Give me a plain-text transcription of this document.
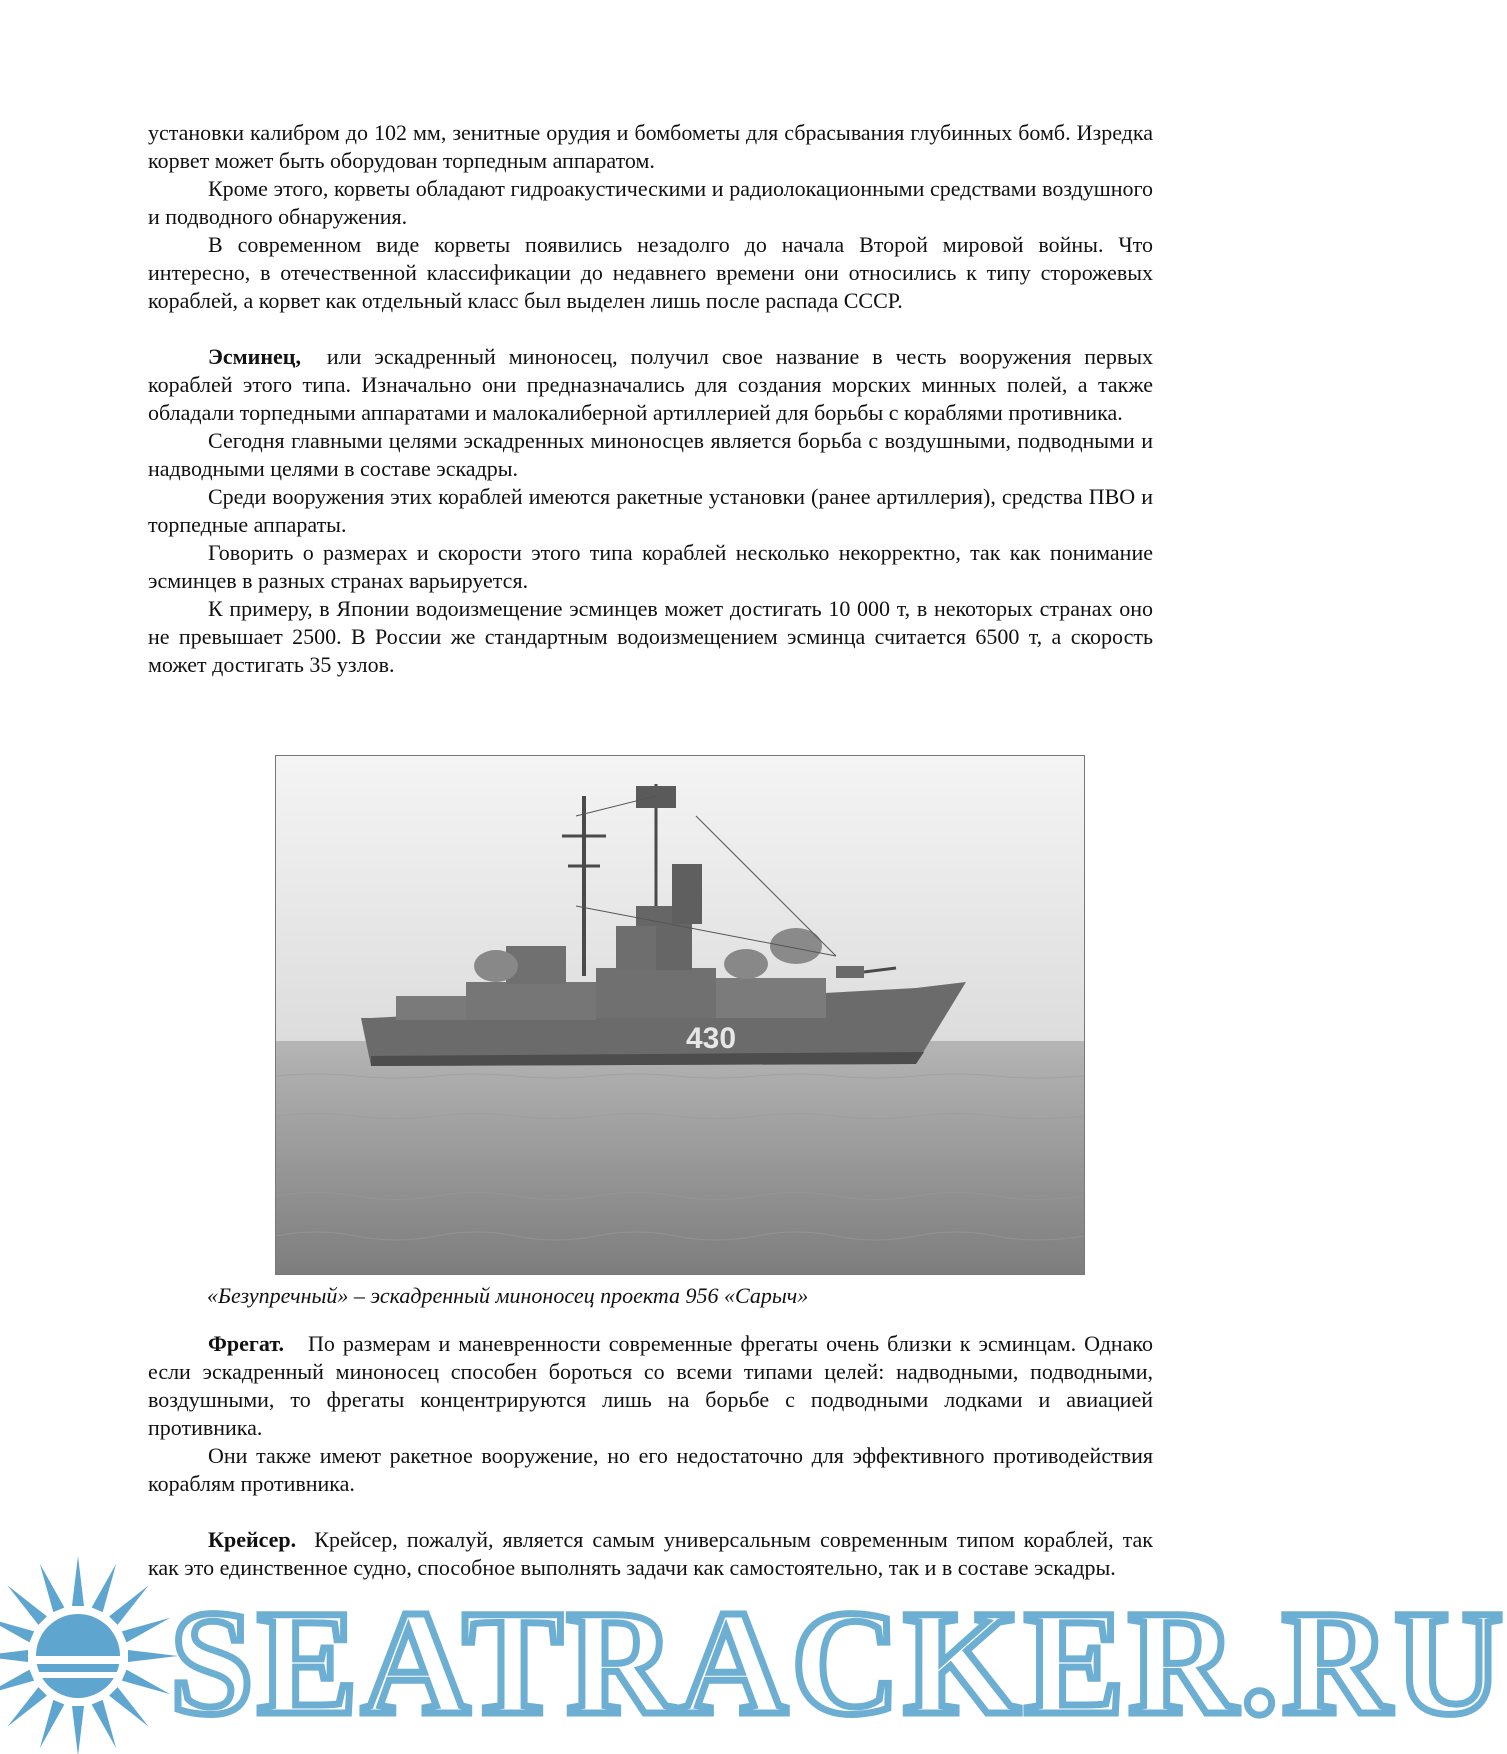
установки калибром до 102 мм, зенитные орудия и бомбометы для сбрасывания глубинных бомб. Изредка корвет может быть оборудован торпедным аппаратом.

Кроме этого, корветы обладают гидроакустическими и радиолокационными средствами воздушного и подводного обнаружения.

В современном виде корветы появились незадолго до начала Второй мировой войны. Что интересно, в отечественной классификации до недавнего времени они относились к типу сторожевых кораблей, а корвет как отдельный класс был выделен лишь после распада СССР.

Эсминец, или эскадренный миноносец, получил свое название в честь вооружения первых кораблей этого типа. Изначально они предназначались для создания морских минных полей, а также обладали торпедными аппаратами и малокалиберной артиллерией для борьбы с кораблями противника.

Сегодня главными целями эскадренных миноносцев является борьба с воздушными, подводными и надводными целями в составе эскадры.

Среди вооружения этих кораблей имеются ракетные установки (ранее артиллерия), средства ПВО и торпедные аппараты.

Говорить о размерах и скорости этого типа кораблей несколько некорректно, так как понимание эсминцев в разных странах варьируется.

К примеру, в Японии водоизмещение эсминцев может достигать 10 000 т, в некоторых странах оно не превышает 2500. В России же стандартным водоизмещением эсминца считается 6500 т, а скорость может достигать 35 узлов.

430
«Безупречный» – эскадренный миноносец проекта 956 «Сарыч»

Фрегат. По размерам и маневренности современные фрегаты очень близки к эсминцам. Однако если эскадренный миноносец способен бороться со всеми типами целей: надводными, подводными, воздушными, то фрегаты концентрируются лишь на борьбе с подводными лодками и авиацией противника.

Они также имеют ракетное вооружение, но его недостаточно для эффективного противодействия кораблям противника.

Крейсер. Крейсер, пожалуй, является самым универсальным современным типом кораблей, так как это единственное судно, способное выполнять задачи как самостоятельно, так и в составе эскадры.

SEATRACKER.RU
